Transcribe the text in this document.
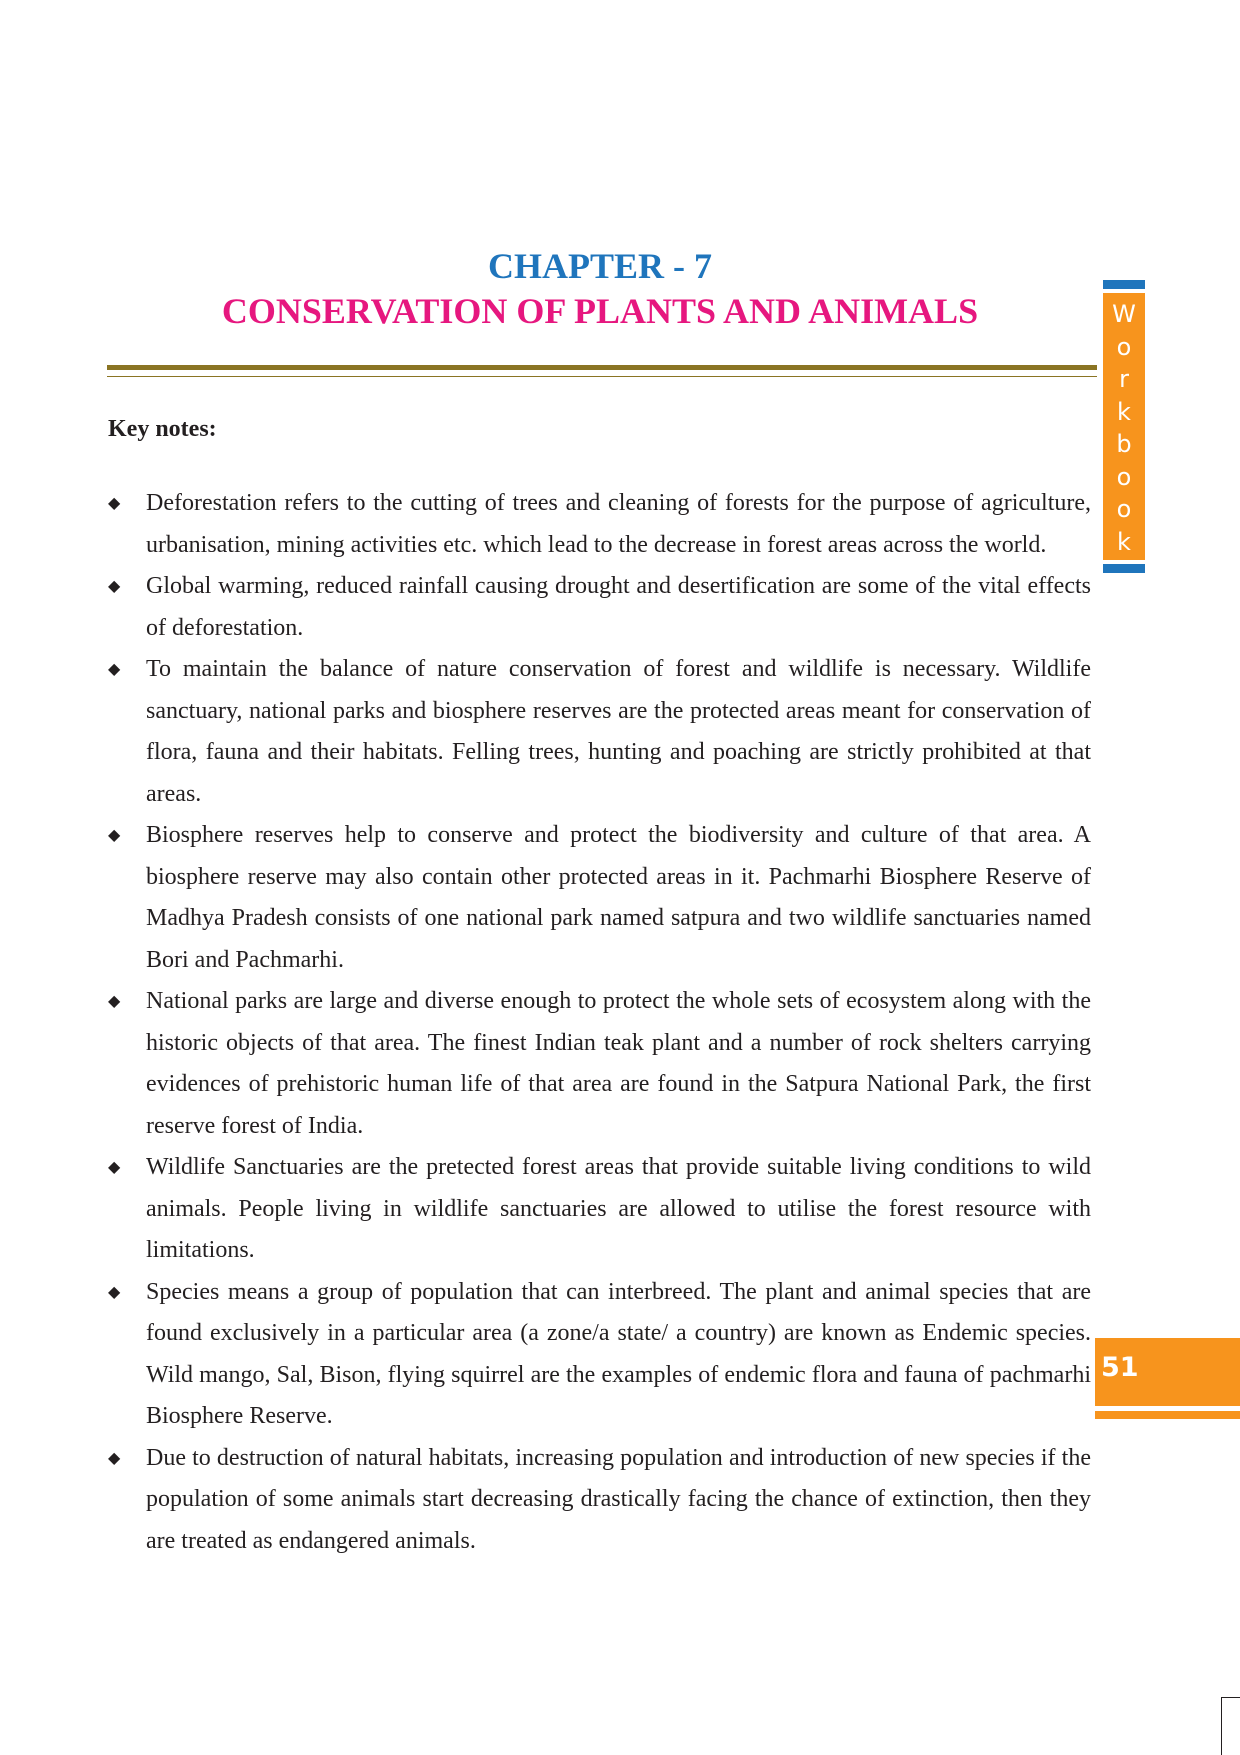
CHAPTER - 7
CONSERVATION OF PLANTS AND ANIMALS
Key notes:
◆	Deforestation refers to the cutting of trees and cleaning of forests for the purpose of agriculture, urbanisation, mining activities etc. which lead to the decrease in forest areas across the world.
◆	Global warming, reduced rainfall causing drought and desertification are some of the vital effects of deforestation.
◆	To maintain the balance of nature conservation of forest and wildlife is necessary. Wildlife sanctuary, national parks and biosphere reserves are the protected areas meant for conservation of flora, fauna and their habitats. Felling trees, hunting and poaching are strictly prohibited at that areas.
◆	Biosphere reserves help to conserve and protect the biodiversity and culture of that area. A biosphere reserve may also contain other protected areas in it. Pachmarhi Biosphere Reserve of Madhya Pradesh consists of one national park named satpura and two wildlife sanctuaries named Bori and Pachmarhi.
◆	National parks are large and diverse enough to protect the whole sets of ecosystem along with the historic objects of that area. The finest Indian teak plant and a number of rock shelters carrying evidences of prehistoric human life of that area are found in the Satpura National Park, the first reserve forest of India.
◆	Wildlife Sanctuaries are the pretected forest areas that provide suitable living conditions to wild animals. People living in wildlife sanctuaries are allowed to utilise the forest resource with limitations.
◆	Species means a group of population that can interbreed. The plant and animal species that are found exclusively in a particular area (a zone/a state/ a country) are known as Endemic species. Wild mango, Sal, Bison, flying squirrel are the examples of endemic flora and fauna of pachmarhi Biosphere Reserve.
◆	Due to destruction of natural habitats, increasing population and introduction of new species if the population of some animals start decreasing drastically facing the chance of extinction, then they are treated as endangered animals.
W
o
r
k
b
o
o
k
51
